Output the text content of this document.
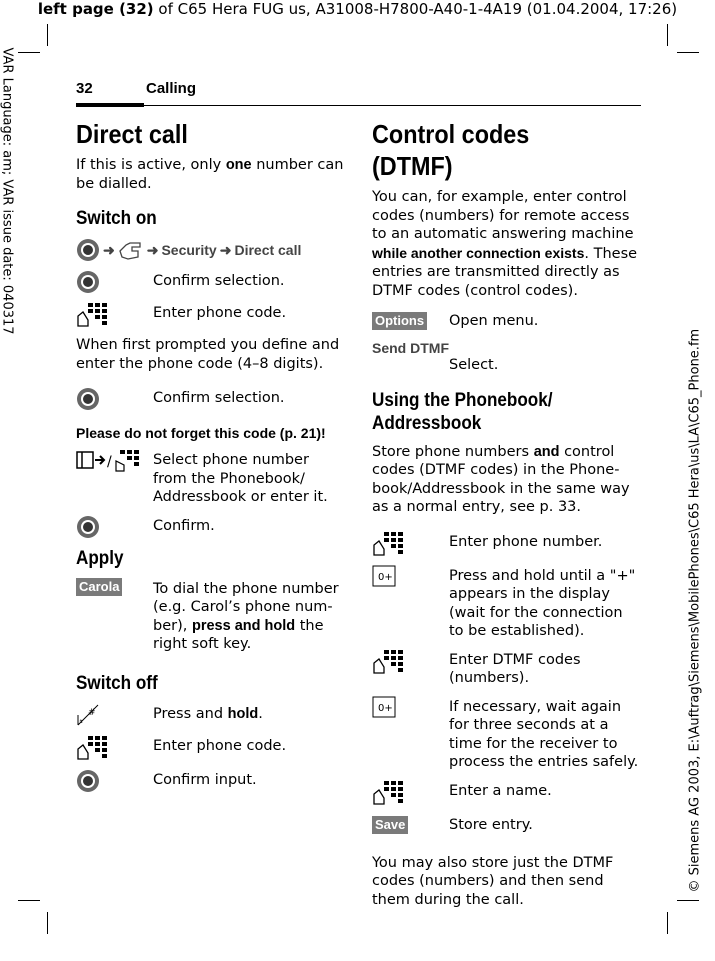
left page (32) of C65 Hera FUG us, A31008-H7800-A40-1-4A19 (01.04.2004, 17:26)
VAR Language: am; VAR issue date: 040317
© Siemens AG 2003, E:\Auftrag\Siemens\MobilePhones\C65 Hera\us\LA\C65_Phone.fm
32	Calling
Direct call

If this is active, only one number can be dialled.

Switch on
➜ ➜ Security ➜ Direct call
Confirm selection.
Enter phone code.

When first prompted you define and enter the phone code (4–8 digits).

Confirm selection.
Please do not forget this code (p. 21)!
/	Select phone number from the Phonebook/ Addressbook or enter it.
Confirm.
Apply
Carola To dial the phone number (e.g. Carol’s phone num-ber), press and hold the right soft key.
Switch off
#
↯	Press and hold.
Enter phone code.
Confirm input.
Control codes (DTMF)

You can, for example, enter control codes (numbers) for remote access to an automatic answering machine while another connection exists. These entries are transmitted directly as DTMF codes (control codes).

Options Open menu.
Send DTMF
Select.
Using the Phonebook/ Addressbook

Store phone numbers and control codes (DTMF codes) in the Phone-book/Addressbook in the same way as a normal entry, see p. 33.

Enter phone number.
0+	Press and hold until a "+" appears in the display (wait for the connection to be established).
Enter DTMF codes (numbers).
0+	If necessary, wait again for three seconds at a time for the receiver to process the entries safely.
Enter a name.
Save	Store entry.

You may also store just the DTMF codes (numbers) and then send them during the call.
